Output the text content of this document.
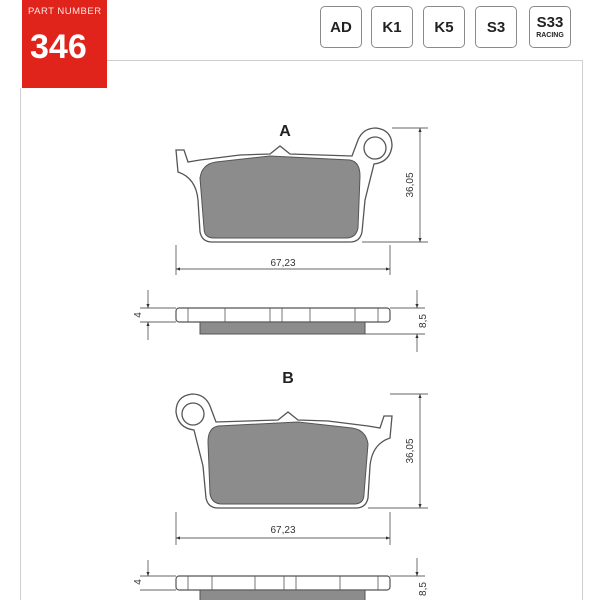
PART NUMBER
346
AD K1 K5 S3 S33
RACING
A
36,05
67,23
4	8,5
B
36,05
67,23
4
8,5
